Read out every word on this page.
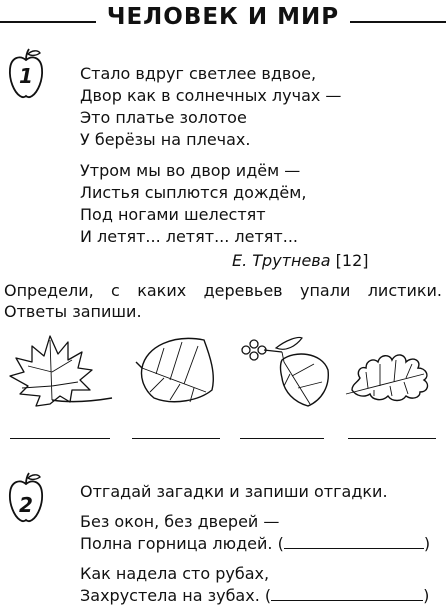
ЧЕЛОВЕК И МИР
1	Стало вдруг светлее вдвое,
Двор как в солнечных лучах —
Это платье золотое
У берёзы на плечах.
Утром мы во двор идём —
Листья сыплются дождём,
Под ногами шелестят
И летят... летят... летят...
Е. Трутнева [12]
Определи, с каких деревьев упали листики. Ответы запиши.
2
Отгадай загадки и запиши отгадки.
Без окон, без дверей —
Полна горница людей. (	)
Как надела сто рубах,
Захрустела на зубах. (	)
